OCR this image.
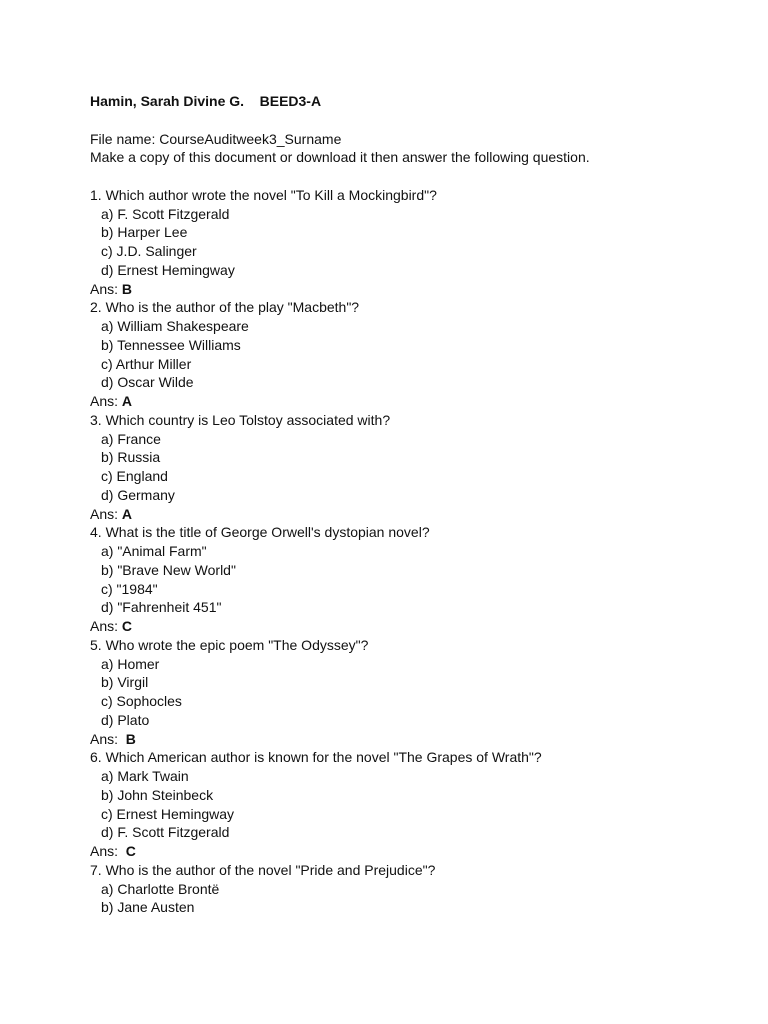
Hamin, Sarah Divine G. BEED3-A
File name: CourseAuditweek3_Surname
Make a copy of this document or download it then answer the following question.
1. Which author wrote the novel "To Kill a Mockingbird"?
a) F. Scott Fitzgerald
b) Harper Lee
c) J.D. Salinger
d) Ernest Hemingway
Ans: B
2. Who is the author of the play "Macbeth"?
a) William Shakespeare
b) Tennessee Williams
c) Arthur Miller
d) Oscar Wilde
Ans: A
3. Which country is Leo Tolstoy associated with?
a) France
b) Russia
c) England
d) Germany
Ans: A
4. What is the title of George Orwell's dystopian novel?
a) "Animal Farm"
b) "Brave New World"
c) "1984"
d) "Fahrenheit 451"
Ans: C
5. Who wrote the epic poem "The Odyssey"?
a) Homer
b) Virgil
c) Sophocles
d) Plato
Ans:  B
6. Which American author is known for the novel "The Grapes of Wrath"?
a) Mark Twain
b) John Steinbeck
c) Ernest Hemingway
d) F. Scott Fitzgerald
Ans:  C
7. Who is the author of the novel "Pride and Prejudice"?
a) Charlotte Brontë
b) Jane Austen
